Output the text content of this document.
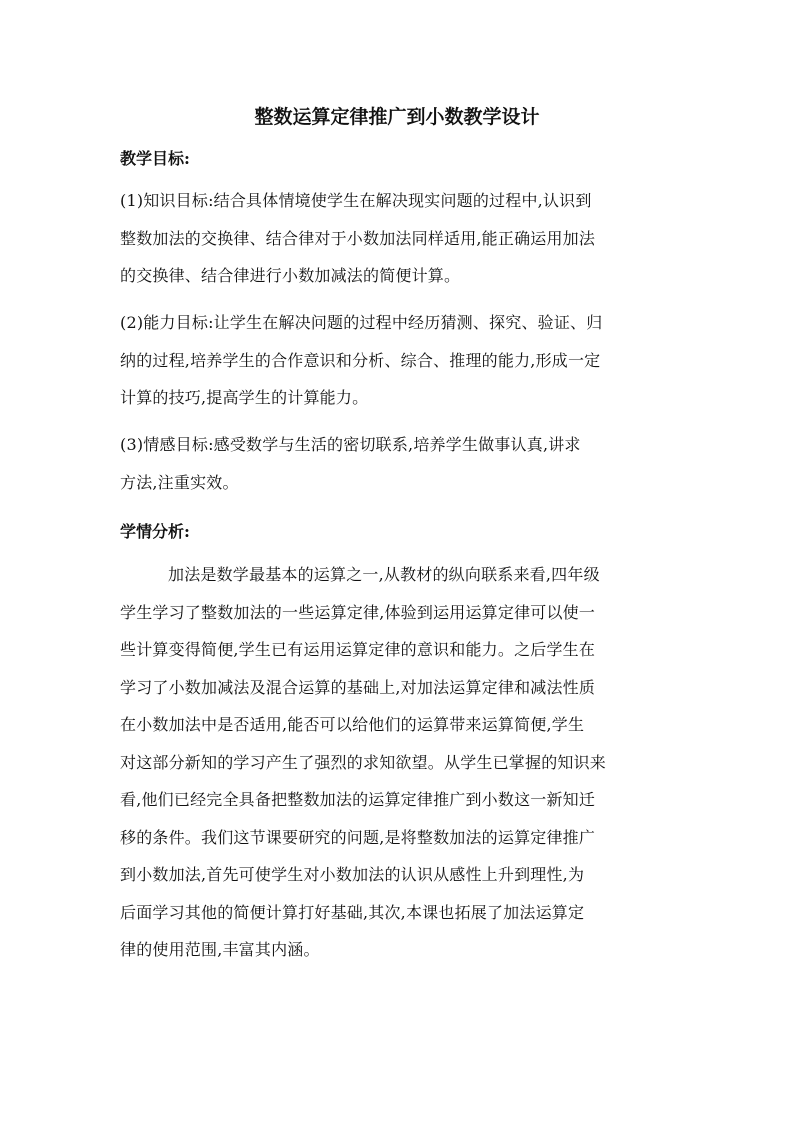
整数运算定律推广到小数教学设计
教学目标:
(1)知识目标:结合具体情境使学生在解决现实问题的过程中,认识到
整数加法的交换律、结合律对于小数加法同样适用,能正确运用加法
的交换律、结合律进行小数加减法的简便计算。
(2)能力目标:让学生在解决问题的过程中经历猜测、探究、验证、归
纳的过程,培养学生的合作意识和分析、综合、推理的能力,形成一定
计算的技巧,提高学生的计算能力。
(3)情感目标:感受数学与生活的密切联系,培养学生做事认真,讲求
方法,注重实效。
学情分析:
加法是数学最基本的运算之一,从教材的纵向联系来看,四年级
学生学习了整数加法的一些运算定律,体验到运用运算定律可以使一
些计算变得简便,学生已有运用运算定律的意识和能力。之后学生在
学习了小数加减法及混合运算的基础上,对加法运算定律和减法性质
在小数加法中是否适用,能否可以给他们的运算带来运算简便,学生
对这部分新知的学习产生了强烈的求知欲望。从学生已掌握的知识来
看,他们已经完全具备把整数加法的运算定律推广到小数这一新知迁
移的条件。我们这节课要研究的问题,是将整数加法的运算定律推广
到小数加法,首先可使学生对小数加法的认识从感性上升到理性,为
后面学习其他的简便计算打好基础,其次,本课也拓展了加法运算定
律的使用范围,丰富其内涵。
